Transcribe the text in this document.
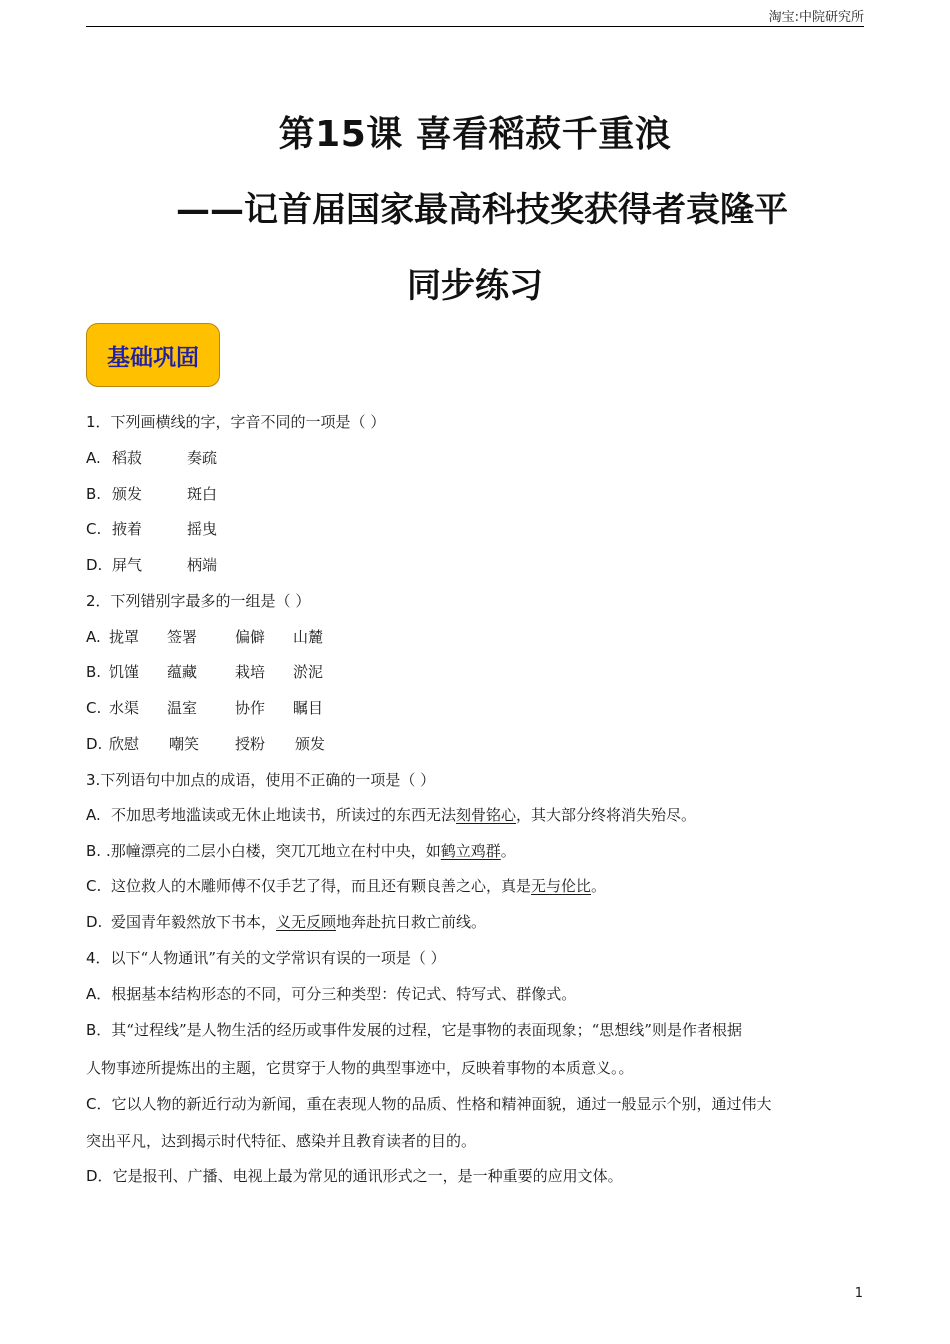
淘宝:中院研究所
第15课 喜看稻菽千重浪
——记首届国家最高科技奖获得者袁隆平
同步练习
基础巩固
1．下列画横线的字，字音不同的一项是（ ）
A. 稻菽	奏疏
B. 颁发	斑白
C. 掖着	摇曳
D. 屏气	柄端
2．下列错别字最多的一组是（ ）
A. 拢罩 签署	偏僻 山麓
B. 饥馑 蕴藏	栽培 淤泥
C. 水渠 温室	协作 瞩目
D. 欣慰 嘲笑 授粉 颁发
3.下列语句中加点的成语，使用不正确的一项是（ ）
A. 不加思考地滥读或无休止地读书，所读过的东西无法刻骨铭心，其大部分终将消失殆尽。
B. .那幢漂亮的二层小白楼，突兀兀地立在村中央，如鹤立鸡群。
C. 这位救人的木雕师傅不仅手艺了得，而且还有颗良善之心，真是无与伦比。
D. 爱国青年毅然放下书本，义无反顾地奔赴抗日救亡前线。
4．以下“人物通讯”有关的文学常识有误的一项是（ ）
A．根据基本结构形态的不同，可分三种类型：传记式、特写式、群像式。
B．其“过程线”是人物生活的经历或事件发展的过程，它是事物的表面现象；“思想线”则是作者根据
人物事迹所提炼出的主题，它贯穿于人物的典型事迹中，反映着事物的本质意义。。
C．它以人物的新近行动为新闻，重在表现人物的品质、性格和精神面貌，通过一般显示个别，通过伟大
突出平凡，达到揭示时代特征、感染并且教育读者的目的。
D．它是报刊、广播、电视上最为常见的通讯形式之一，是一种重要的应用文体。
1
